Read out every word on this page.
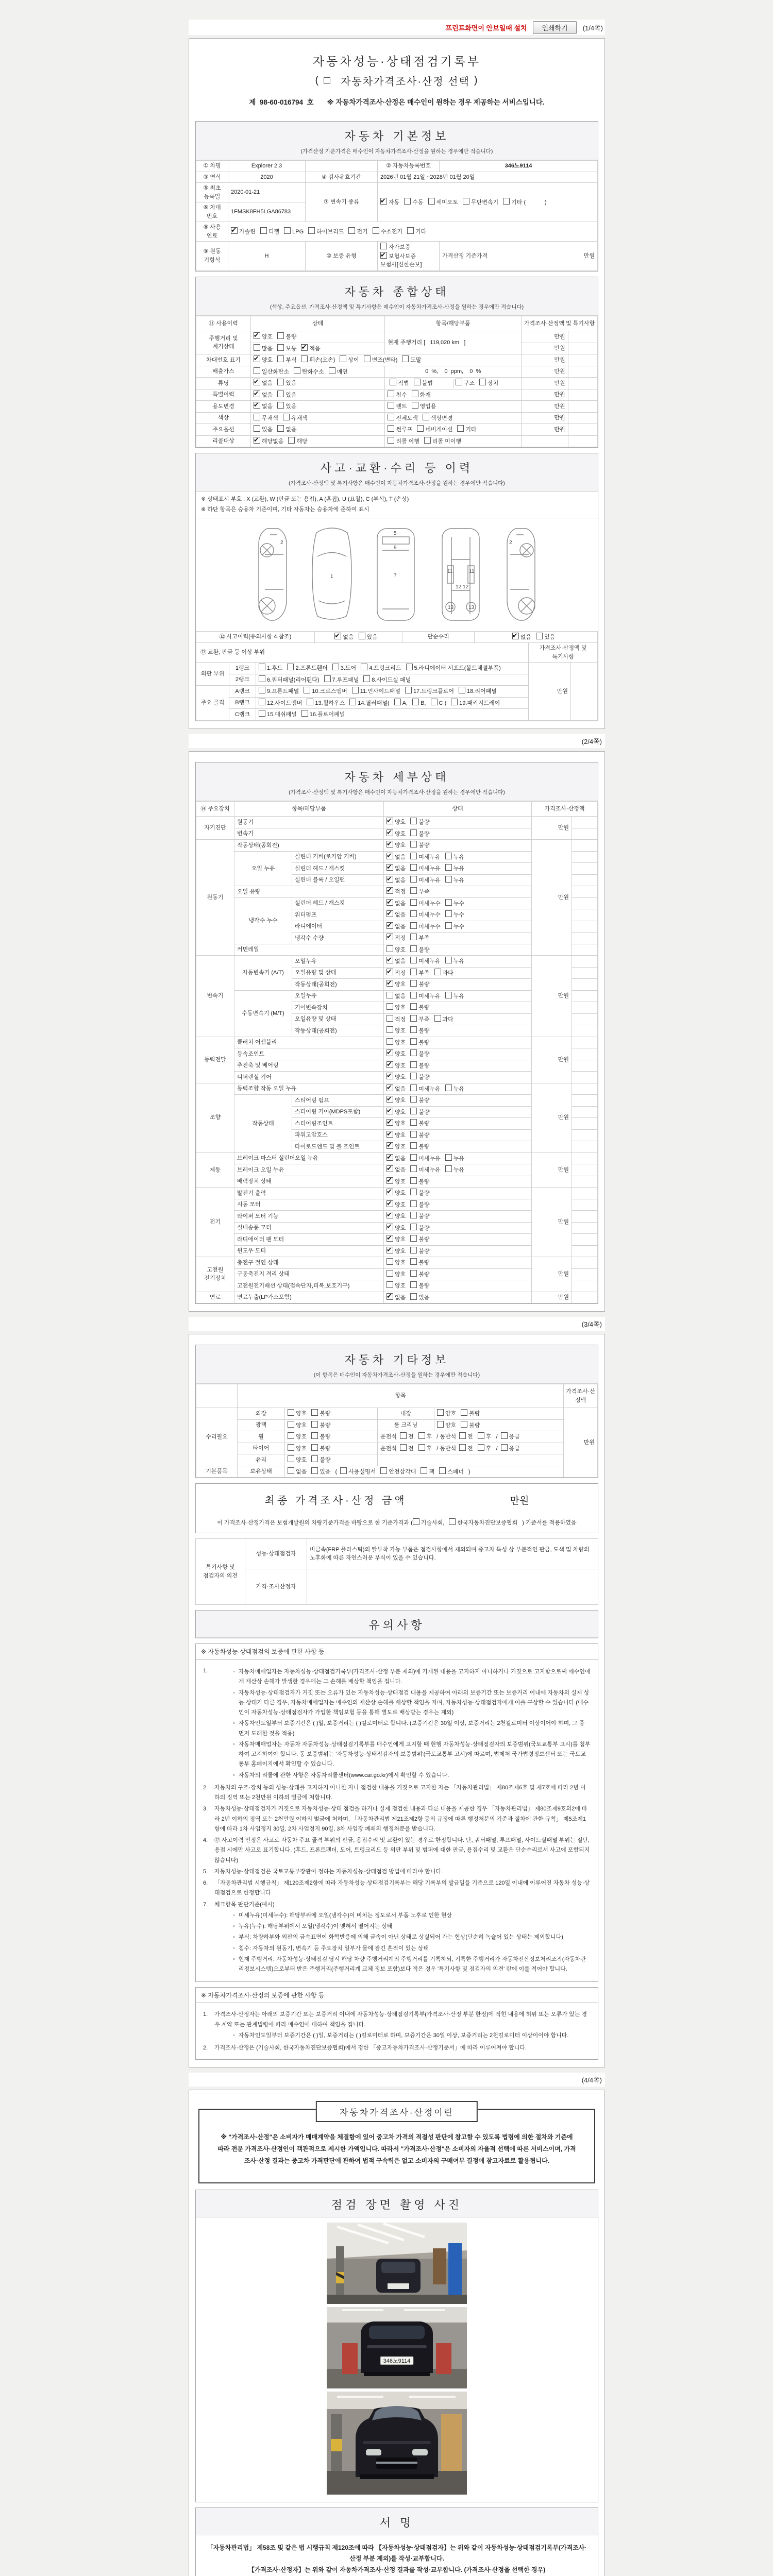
프린트화면이 안보일때 설치	인쇄하기	(1/4쪽)
자동차성능·상태점검기록부
( 자동차가격조사·산정 선택 )
제 98-60-016794 호 ※ 자동차가격조사·산정은 매수인이 원하는 경우 제공하는 서비스입니다.
자동차 기본정보
(가격산정 기준가격은 매수인이 자동차가격조사·산정을 원하는 경우에만 적습니다)
① 차명	Explorer 2.3		② 자동차등록번호	346노9114
③ 연식	2020	④ 검사유효기간	2026년 01월 21일 ~2028년 01월 20일	
⑤ 최초 등록일	2020-01-21	⑦ 변속기 종류	✔자동 수동 세미오토 무단변속기 기타 (            )
⑥ 차대 번호	1FMSK8FH5LGA86783			
⑧ 사용 연료	✔가솔린 디젤 LPG 하이브리드 전기 수소전기 기타
⑨ 원동 기형식	H	⑩ 보증 유형	자가보증✔보험사보증보험사[신한손보]	가격산정 기준가격 만원
자동차 종합상태
(색상, 주요옵션, 가격조사·산정액 및 특기사항은 매수인이 자동차가격조사·산정을 원하는 경우에만 적습니다)
⑪ 사용이력	상태	항목/해당부품	가격조사·산정액 및 특기사항	
주행거리 및 계기상태	✔양호 불량	현재 주행거리 [   119,020 km   ]	만원	
	많음 보통 ✔ 적음		만원	
차대번호 표기	✔양호 부식 훼손(오손) 상이 변조(변타) 도말		만원	
배출가스	일산화탄소 탄화수소 매연	0  %,    0  ppm,    0  %	만원	
튜닝	✔없음 있음	적법 불법 구조 장치	만원	
특별이력	✔없음 있음	침수 화재	만원	
용도변경	✔없음 있음	렌트 영업용	만원	
색상	무채색 유채색	전체도색 색상변경	만원	
주요옵션	있음 없음	썬루프 네비게이션 기타	만원	
리콜대상	✔해당없음 해당	리콜 이행 리콜 미이행		
사고·교환·수리 등 이력
(가격조사·산정액 및 특기사항은 매수인이 자동차가격조사·산정을 원하는 경우에만 적습니다)
※ 상태표시 부호 : X (교환), W (판금 또는 용접), A (흠집), U (요철), C (부식), T (손상)
※ 하단 항목은 승용차 기준이며, 기타 자동차는 승용차에 준하여 표시
2
1
5
9
7
11	11
12 12
13	13
2
⑫ 사고이력(유의사항 4.참조)	✔없음 있음	단순수리	✔없음 있음
⑬ 교환, 판금 등 이상 부위			가격조사·산정액 및 특기사항	
외판 부위	1랭크	1.후드 2.프론트휀더 3.도어 4.트렁크리드 5.라디에이터 서포트(볼트체결부품)	만원	
	2랭크	6.쿼터패널(리어휀다) 7.루프패널 8.사이드실 패널		
주요 골격	A랭크	9.프론트패널 10.크로스멤버 11.인사이드패널 17.트렁크플로어 18.리어패널		
	B랭크	12.사이드멤버 13.휠하우스 14.필러패널( A, B, C ) 19.패키지트레이		
	C랭크	15.대쉬패널 16.플로어패널		
(2/4쪽)
자동차 세부상태
(가격조사·산정액 및 특기사항은 매수인이 자동차가격조사·산정을 원하는 경우에만 적습니다)
⑭ 주요장치	항목/해당부품		상태	가격조사·산정액	
자기진단	원동기	✔양호 불량	만원	
	변속기	✔양호 불량	
원동기	작동상태(공회전)	✔양호 불량	만원	
	오일 누유	실린더 커버(로커암 커버)	✔없음 미세누유 누유	
		실린더 헤드 / 개스킷	✔없음 미세누유 누유	
		실린더 블록 / 오일팬	✔없음 미세누유 누유	
	오일 유량	✔적정 부족	
	냉각수 누수	실린더 헤드 / 개스킷	✔없음 미세누수 누수	
		워터펌프	✔없음 미세누수 누수	
		라디에이터	✔없음 미세누수 누수	
		냉각수 수량	✔적정 부족	
	커먼레일		양호 불량		
변속기	자동변속기 (A/T)	오일누유	✔없음 미세누유 누유	만원	
		오일유량 및 상태	✔적정 부족 과다	
		작동상태(공회전)	✔양호 불량	
	수동변속기 (M/T)	오일누유	없음 미세누유 누유		
		기어변속장치	양호 불량		
		오일유량 및 상태	적정 부족 과다		
		작동상태(공회전)	양호 불량		
동력전달	클러치 어셈블리		양호 불량	만원	
	등속조인트	✔양호 불량	
	추진축 및 베어링	✔양호 불량	
	디퍼렌셜 기어	✔양호 불량	
조향	동력조향 작동 오일 누유	✔없음 미세누유 누유	만원	
	작동상태	스티어링 펌프	✔양호 불량	
		스티어링 기어(MDPS포함)	✔양호 불량	
		스티어링조인트	✔양호 불량	
		파워고압호스	✔양호 불량	
		타이로드엔드 및 볼 조인트	✔양호 불량	
제동	브레이크 마스터 실린더오일 누유	✔없음 미세누유 누유	만원	
	브레이크 오일 누유	✔없음 미세누유 누유	
	배력장치 상태	✔양호 불량	
전기	발전기 출력	✔양호 불량	만원	
	시동 모터	✔양호 불량	
	와이퍼 모터 기능	✔양호 불량	
	실내송풍 모터	✔양호 불량	
	라디에이터 팬 모터	✔양호 불량	
	윈도우 모터	✔양호 불량	
고전원 전기장치	충전구 절연 상태		양호 불량	만원	
	구동축전지 격리 상태		양호 불량		
	고전원전기배선 상태(접속단자,피복,보호기구)		양호 불량		
연료	연료누출(LP가스포함)	✔없음 있음	만원	
(3/4쪽)
자동차 기타정보
(이 항목은 매수인이 자동차가격조사·산정을 원하는 경우에만 적습니다)
	항목				가격조사·산 정액
수리필요	외장	양호 불량	내장	양호 불량	만원
	광택	양호 불량	룸 크리닝	양호 불량	
	휠	양호 불량	운전석 전 후 / 동반석 전 후 / 응급		
	타이어	양호 불량	운전석 전 후 / 동반석 전 후 / 응급		
	유리	양호 불량			
기본품목	보유상태	없음 있음 ( 사용설명서 안전삼각대 잭 스패너 )			
최종 가격조사·산정 금액	만원
이 가격조사·산정가격은 보험개발원의 차량기준가격을 바탕으로 한 기준가격과 ( 기술사회, 한국자동차진단보증협회 ) 기준서를 적용하였음
특기사항 및 점검자의 의견	성능·상태점검자	비금속(FRP 플라스틱)의 탈부착 가능 부품은 점검사항에서 제외되며 중고차 특성 상 부분적인 판금, 도색 및 차량의 노후화에 따른 자연스러운 부식이 있을 수 있습니다.
	가격·조사산정자	
유의사항
※ 자동차성능·상태점검의 보증에 관한 사항 등
1.	◦ 자동차매매업자는 자동차성능·상태점검기록부(가격조사·산정 부분 제외)에 기재된 내용을 고지하지 아니하거나 거짓으로 고지함으로써 매수인에게 재산상 손해가 발생한 경우에는 그 손해를 배상할 책임을 집니다.
◦ 자동차성능·상태점검자가 거짓 또는 오류가 있는 자동차성능·상태점검 내용을 제공하여 아래의 보증기간 또는 보증거리 이내에 자동차의 실제 성능·상태가 다른 경우, 자동차매매업자는 매수인의 재산상 손해를 배상할 책임을 지며, 자동차성능·상태점검자에게 이를 구상할 수 있습니다.(매수인이 자동차성능·상태점검자가 가입한 책임보험 등을 통해 별도로 배상받는 경우는 제외)
◦ 자동차인도일부터 보증기간은 ( )일, 보증거리는 ( )킬로미터로 합니다. (보증기간은 30일 이상, 보증거리는 2천킬로미터 이상이어야 하며, 그 중 먼저 도래한 것을 적용)
◦ 자동차매매업자는 자동차 자동차성능·상태점검기록부를 매수인에게 고지할 때 현행 자동차성능·상태점검자의 보증범위(국토교통부 고시)를 첨부하여 고지하여야 합니다. 동 보증범위는 '자동차성능·상태점검자의 보증범위'(국토교통부 고시)에 따르며, 법제처 국가법령정보센터 또는 국토교통부 홈페이지에서 확인할 수 있습니다.
◦ 자동차의 리콜에 관한 사항은 자동차리콜센터(www.car.go.kr)에서 확인할 수 있습니다.
2.	자동차의 구조·장치 등의 성능·상태를 고지하지 아니한 자나 점검한 내용을 거짓으로 고지한 자는 「자동차관리법」 제80조제6호 및 제7호에 따라 2년 이하의 징역 또는 2천만원 이하의 벌금에 처합니다.
3.	자동차성능·상태점검자가 거짓으로 자동차성능·상태 점검을 하거나 실제 점검한 내용과 다른 내용을 제공한 경우 「자동차관리법」 제80조제9호의2에 따라 2년 이하의 징역 또는 2천만원 이하의 벌금에 처하며, 「자동차관리법 제21조제2항 등의 규정에 따른 행정처분의 기준과 절차에 관한 규칙」 제5조제1항에 따라 1차 사업정지 30일, 2차 사업정지 90일, 3차 사업장 폐쇄의 행정처분을 받습니다.
4.	⑫ 사고이력 인정은 사고로 자동차 주요 골격 부위의 판금, 용접수리 및 교환이 있는 경우로 한정합니다. 단, 쿼터패널, 루프패널, 사이드실패널 부위는 절단, 용접 시에만 사고로 표기합니다. (후드, 프론트펜더, 도어, 트렁크리드 등 외판 부위 및 범퍼에 대한 판금, 용접수리 및 교환은 단순수리로서 사고에 포함되지 않습니다)
5.	자동차성능·상태점검은 국토교통부장관이 정하는 자동차성능·상태점검 방법에 따라야 합니다.
6.	「자동차관리법 시행규칙」 제120조제2항에 따라 자동차성능·상태점검기록부는 해당 기록부의 발급일을 기준으로 120일 이내에 이루어진 자동차 성능·상태점검으로 한정합니다
7.	체크항목 판단기준(예시)
◦ 미세누유(미세누수): 해당부위에 오일(냉각수)이 비치는 정도로서 부품 노후로 인한 현상
◦ 누유(누수): 해당부위에서 오일(냉각수)이 맺혀서 떨어지는 상태
◦ 부식: 차량하부와 외판의 금속표면이 화학반응에 의해 금속이 아닌 상태로 상실되어 가는 현상(단순히 녹슬어 있는 상태는 제외합니다)
◦ 침수: 자동차의 원동기, 변속기 등 주요장치 일부가 물에 잠긴 흔적이 있는 상태
◦ 현재 주행거리: 자동차성능·상태점검 당시 해당 차량 주행거리계의 주행거리를 기록하되, 기록한 주행거리가 자동차전산정보처리조직(자동차관리정보시스템)으로부터 받은 주행거리(주행거리계 교체 정보 포함)보다 적은 경우 '특기사항 및 점검자의 의견' 란에 이를 적어야 합니다.
※ 자동차가격조사·산정의 보증에 관한 사항 등
1.	가격조사·산정자는 아래의 보증기간 또는 보증거리 이내에 자동차성능·상태점검기록부(가격조사·산정 부분 한정)에 적힌 내용에 허위 또는 오류가 있는 경우 계약 또는 관계법령에 따라 매수인에 대하여 책임을 집니다.
◦ 자동차인도일부터 보증기간은 ( )일, 보증거리는 ( )킬로미터로 하며, 보증기간은 30일 이상, 보증거리는 2천킬로미터 이상이어야 합니다.
2.	가격조사·산정은 (기술사회, 한국자동차진단보증협회)에서 정한 「중고자동차가격조사·산정기준서」에 따라 이루어져야 합니다.
(4/4쪽)
자동차가격조사·산정이란
※ "가격조사·산정"은 소비자가 매매계약을 체결함에 있어 중고차 가격의 적절성 판단에 참고할 수 있도록 법령에 의한 절차와 기준에 따라 전문 가격조사·산정인이 객관적으로 제시한 가액입니다. 따라서 "가격조사·산정"은 소비자의 자율적 선택에 따른 서비스이며, 가격조사·산정 결과는 중고차 가격판단에 관하여 법적 구속력은 없고 소비자의 구매여부 결정에 참고자료로 활용됩니다.
점검 장면 촬영 사진
346노9114
서 명
「자동차관리법」 제58조 및 같은 법 시행규칙 제120조에 따라 【자동차성능·상태점검자】는 위와 같이 자동차성능·상태점검기록부(가격조사·산정 부분 제외)를 작성·교부합니다.
【가격조사·산정자】는 위와 같이 자동차가격조사·산정 결과를 작성·교부합니다. (가격조사·산정을 선택한 경우)
